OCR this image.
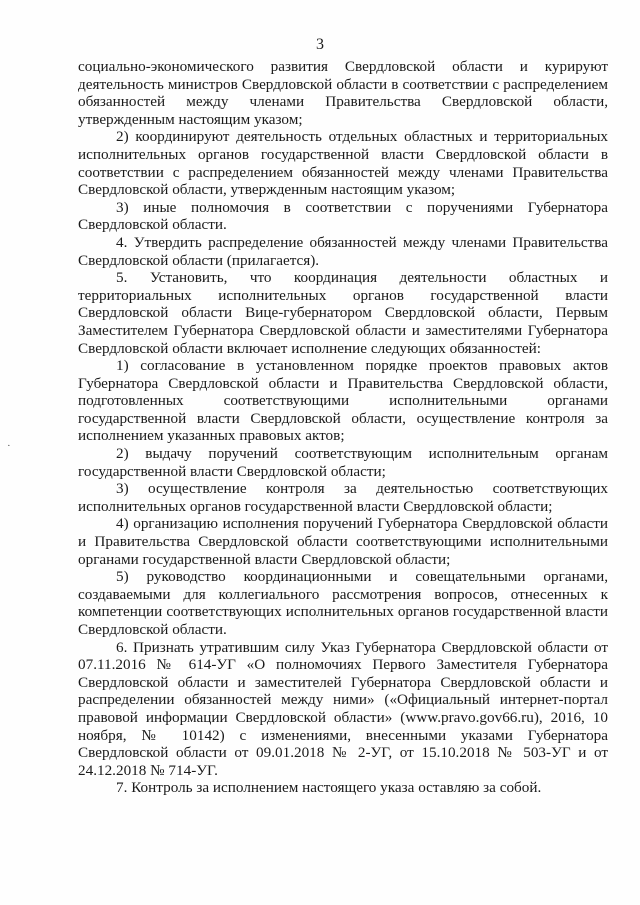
3

социально-экономического развития Свердловской области и курируют деятельность министров Свердловской области в соответствии с распределением обязанностей между членами Правительства Свердловской области, утвержденным настоящим указом;

2) координируют деятельность отдельных областных и территориальных исполнительных органов государственной власти Свердловской области в соответствии с распределением обязанностей между членами Правительства Свердловской области, утвержденным настоящим указом;

3) иные полномочия в соответствии с поручениями Губернатора Свердловской области.

4. Утвердить распределение обязанностей между членами Правительства Свердловской области (прилагается).

5. Установить, что координация деятельности областных и территориальных исполнительных органов государственной власти Свердловской области Вице-губернатором Свердловской области, Первым Заместителем Губернатора Свердловской области и заместителями Губернатора Свердловской области включает исполнение следующих обязанностей:

1) согласование в установленном порядке проектов правовых актов Губернатора Свердловской области и Правительства Свердловской области, подготовленных соответствующими исполнительными органами государственной власти Свердловской области, осуществление контроля за исполнением указанных правовых актов;

2) выдачу поручений соответствующим исполнительным органам государственной власти Свердловской области;

3) осуществление контроля за деятельностью соответствующих исполнительных органов государственной власти Свердловской области;

4) организацию исполнения поручений Губернатора Свердловской области и Правительства Свердловской области соответствующими исполнительными органами государственной власти Свердловской области;

5) руководство координационными и совещательными органами, создаваемыми для коллегиального рассмотрения вопросов, отнесенных к компетенции соответствующих исполнительных органов государственной власти Свердловской области.

6. Признать утратившим силу Указ Губернатора Свердловской области от 07.11.2016 № 614-УГ «О полномочиях Первого Заместителя Губернатора Свердловской области и заместителей Губернатора Свердловской области и распределении обязанностей между ними» («Официальный интернет-портал правовой информации Свердловской области» (www.pravo.gov66.ru), 2016, 10 ноября, № 10142) с изменениями, внесенными указами Губернатора Свердловской области от 09.01.2018 № 2-УГ, от 15.10.2018 № 503-УГ и от 24.12.2018 № 714-УГ.

7. Контроль за исполнением настоящего указа оставляю за собой.

·
